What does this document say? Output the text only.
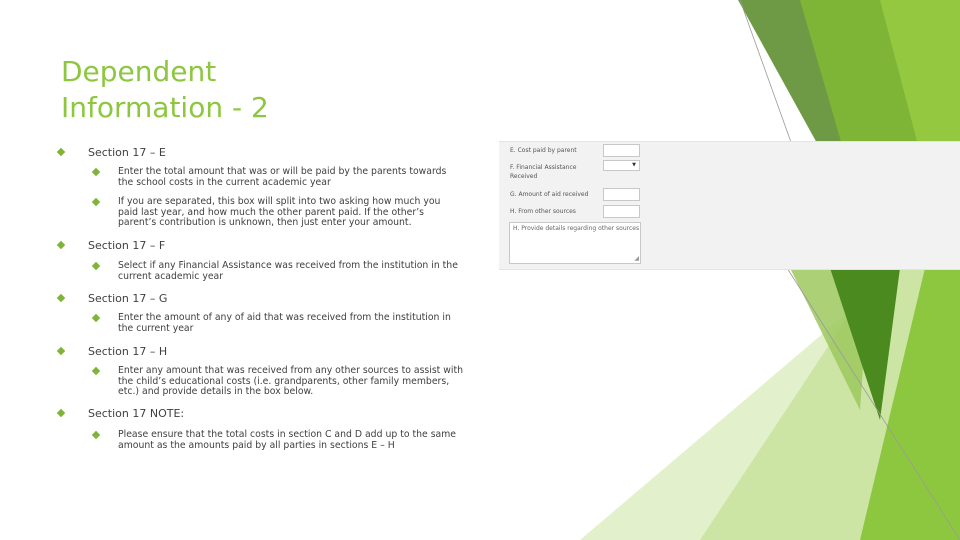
Dependent
Information - 2
Section 17 – E
Enter the total amount that was or will be paid by the parents towards
the school costs in the current academic year
If you are separated, this box will split into two asking how much you
paid last year, and how much the other parent paid. If the other’s
parent’s contribution is unknown, then just enter your amount.
Section 17 – F
Select if any Financial Assistance was received from the institution in the
current academic year
Section 17 – G
Enter the amount of any of aid that was received from the institution in
the current year
Section 17 – H
Enter any amount that was received from any other sources to assist with
the child’s educational costs (i.e. grandparents, other family members,
etc.) and provide details in the box below.
Section 17 NOTE:
Please ensure that the total costs in section C and D add up to the same
amount as the amounts paid by all parties in sections E – H
E. Cost paid by parent
F. Financial Assistance
Received
▼
G. Amount of aid received
H. From other sources
H. Provide details regarding other sources
◢
